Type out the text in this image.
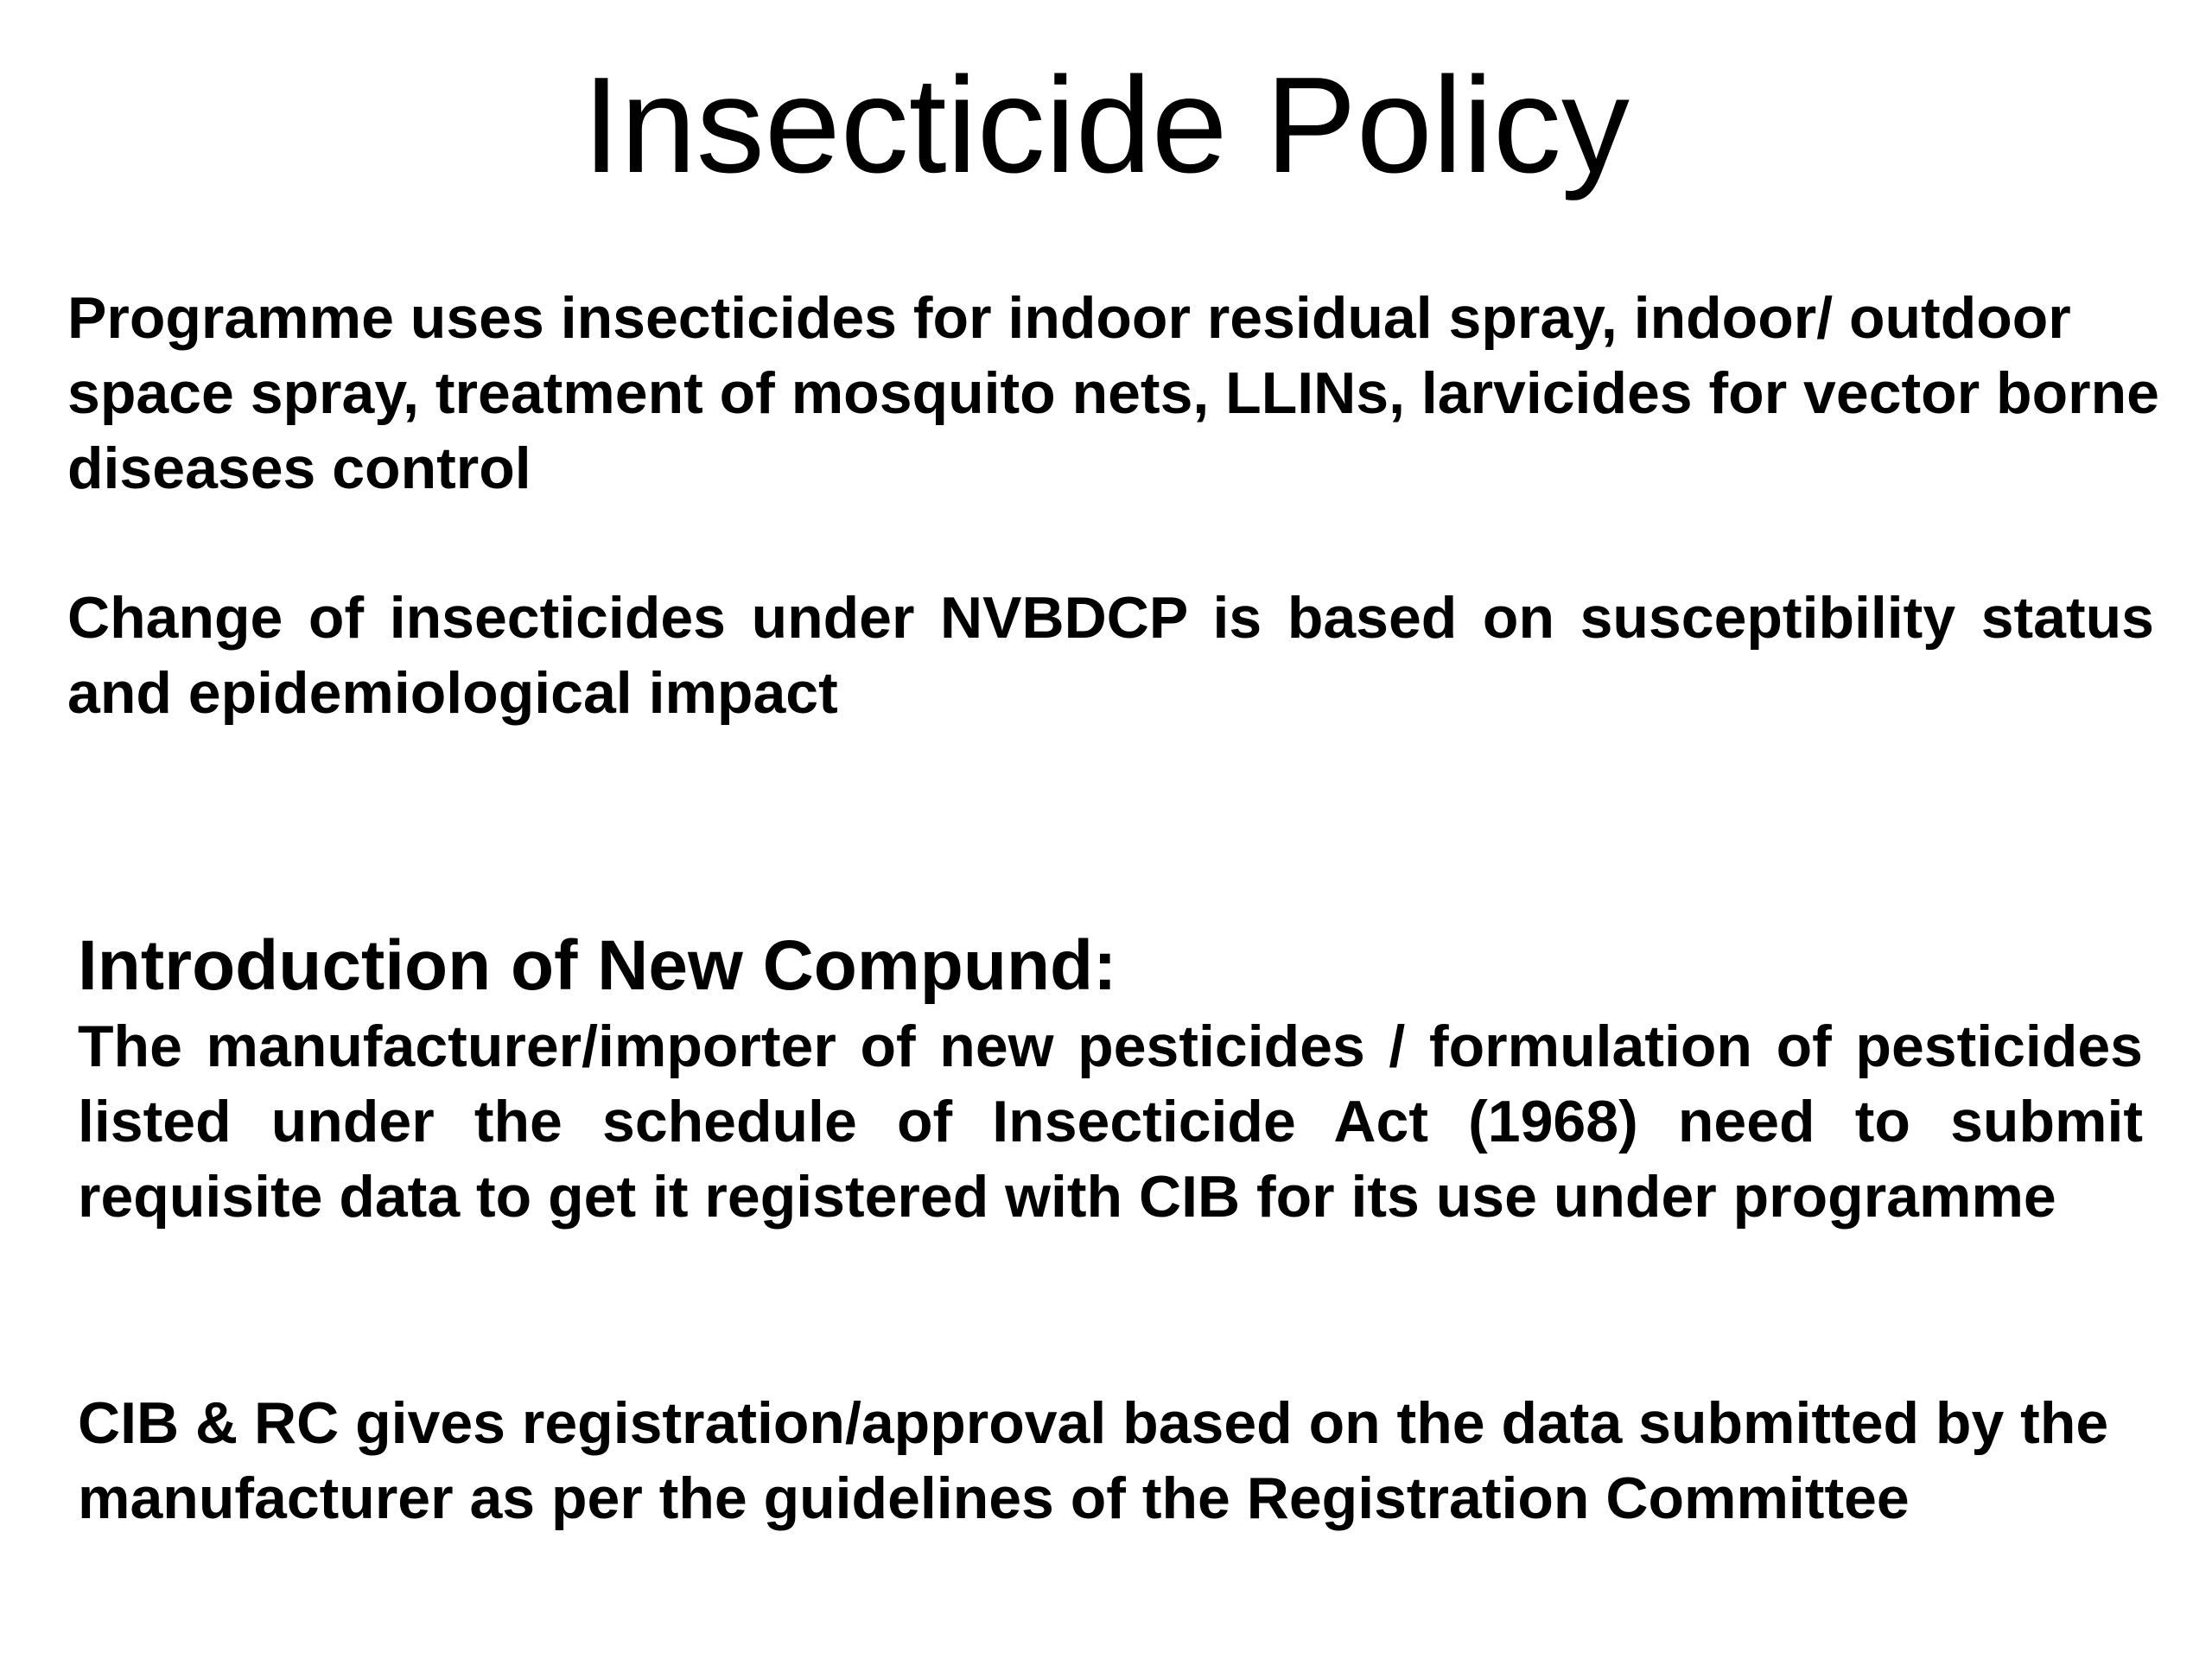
Insecticide Policy

Programme uses insecticides for indoor residual spray, indoor/ outdoor space spray, treatment of mosquito nets, LLINs, larvicides for vector borne diseases control

Change of insecticides under NVBDCP is based on susceptibility status and epidemiological impact

Introduction of New Compund:

The manufacturer/importer of new pesticides / formulation of pesticides listed under the schedule of Insecticide Act (1968) need to submit requisite data to get it registered with CIB for its use under programme

CIB & RC gives registration/approval based on the data submitted by the manufacturer as per the guidelines of the Registration Committee
